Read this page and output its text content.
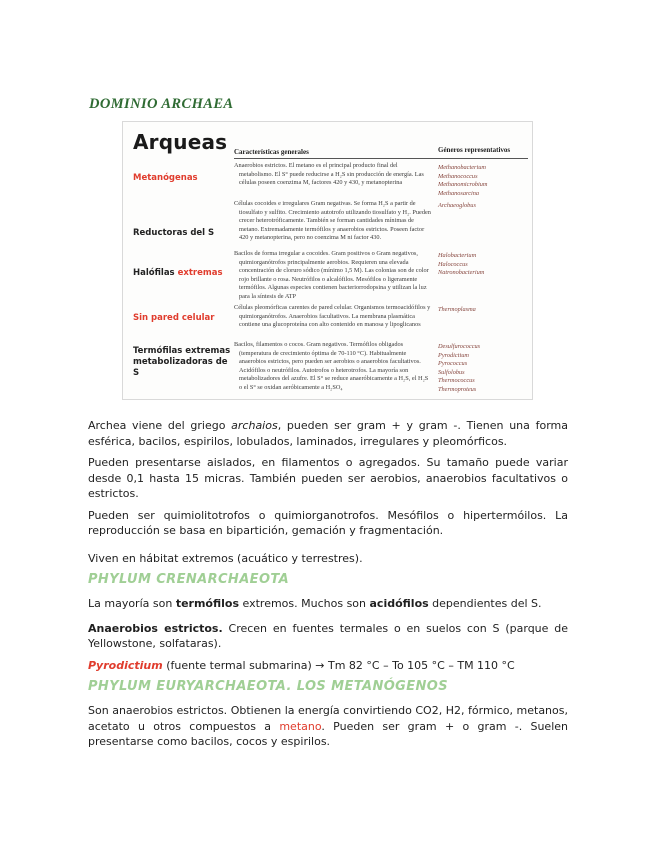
DOMINIO ARCHAEA
Arqueas Características generales	Géneros representativos
Metanógenas
Anaerobios estrictos. El metano es el principal producto final del metabolismo. El S° puede reducirse a H₂S sin producción de energía. Las células poseen coenzima M, factores 420 y 430, y metanopterina
Methanobacterium
Methanococcus
Methanomicrobium
Methanosarcina
Reductoras del S
Células cocoides e irregulares Gram negativas. Se forma H₂S a partir de tiosulfato y sulfito. Crecimiento autotrofo utilizando tiosulfato y H₂. Pueden crecer heterotróficamente. También se forman cantidades mínimas de metano. Extremadamente termófilos y anaerobios estrictos. Poseen factor 420 y metanopterina, pero no coenzima M ni factor 430.
Archaeoglobus
Halófilas extremas
Bacilos de forma irregular a cocoides. Gram positivos o Gram negativos, quimiorganótrofos principalmente aerobios. Requieren una elevada concentración de cloruro sódico (mínimo 1,5 M). Las colonias son de color rojo brillante o rosa. Neutrófilos o alcalófilos. Mesófilos o ligeramente termófilos. Algunas especies contienen bacteriorrodopsina y utilizan la luz para la síntesis de ATP
Halobacterium
Halococcus
Natronobacterium
Sin pared celular
Células pleomórficas carentes de pared celular. Organismos termoacidófilos y quimiorganótrofos. Anaerobios facultativos. La membrana plasmática contiene una glucoproteína con alto contenido en manosa y lipoglicanos
Thermoplasma
Termófilas extremas metabolizadoras de S
Bacilos, filamentos o cocos. Gram negativos. Termófilos obligados (temperatura de crecimiento óptima de 70-110 °C). Habitualmente anaerobios estrictos, pero pueden ser aerobios o anaerobios facultativos. Acidófilos o neutrófilos. Autotrofos o heterotrofos. La mayoría son metabolizadores del azufre. El S° se reduce anaeróbicamente a H₂S, el H₂S o el S° se oxidan aeróbicamente a H₂SO₄
Desulfurococcus
Pyrodictium
Pyrococcus
Sulfolobus
Thermococcus
Thermoproteus

Archea viene del griego archaios, pueden ser gram + y gram -. Tienen una forma esférica, bacilos, espirilos, lobulados, laminados, irregulares y pleomórficos.

Pueden presentarse aislados, en filamentos o agregados. Su tamaño puede variar desde 0,1 hasta 15 micras. También pueden ser aerobios, anaerobios facultativos o estrictos.

Pueden ser quimiolitotrofos o quimiorganotrofos. Mesófilos o hipertermóilos. La reproducción se basa en bipartición, gemación y fragmentación.

Viven en hábitat extremos (acuático y terrestres).

PHYLUM CRENARCHAEOTA

La mayoría son termófilos extremos. Muchos son acidófilos dependientes del S.

Anaerobios estrictos. Crecen en fuentes termales o en suelos con S (parque de Yellowstone, solfataras).

Pyrodictium (fuente termal submarina) → Tm 82 °C – To 105 °C – TM 110 °C

PHYLUM EURYARCHAEOTA. LOS METANÓGENOS

Son anaerobios estrictos. Obtienen la energía convirtiendo CO2, H2, fórmico, metanos, acetato u otros compuestos a metano. Pueden ser gram + o gram -. Suelen presentarse como bacilos, cocos y espirilos.
